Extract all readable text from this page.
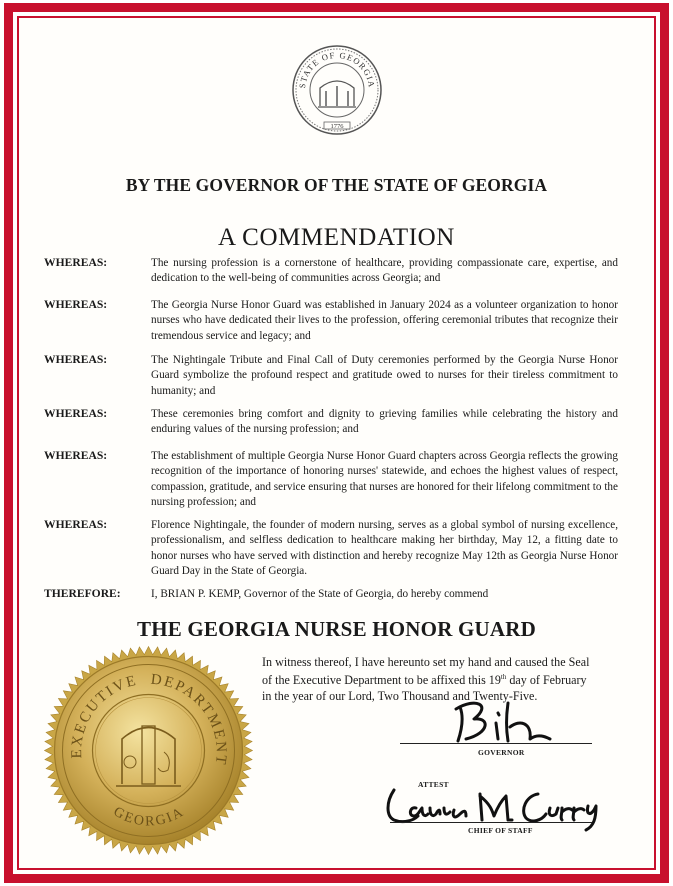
STATE OF GEORGIA
1776
BY THE GOVERNOR OF THE STATE OF GEORGIA
A COMMENDATION
WHEREAS:	The nursing profession is a cornerstone of healthcare, providing compassionate care, expertise, and dedication to the well-being of communities across Georgia; and
WHEREAS:	The Georgia Nurse Honor Guard was established in January 2024 as a volunteer organization to honor nurses who have dedicated their lives to the profession, offering ceremonial tributes that recognize their tremendous service and legacy; and
WHEREAS:	The Nightingale Tribute and Final Call of Duty ceremonies performed by the Georgia Nurse Honor Guard symbolize the profound respect and gratitude owed to nurses for their tireless commitment to humanity; and
WHEREAS:	These ceremonies bring comfort and dignity to grieving families while celebrating the history and enduring values of the nursing profession; and
WHEREAS:	The establishment of multiple Georgia Nurse Honor Guard chapters across Georgia reflects the growing recognition of the importance of honoring nurses' statewide, and echoes the highest values of respect, compassion, gratitude, and service ensuring that nurses are honored for their lifelong commitment to the nursing profession; and
WHEREAS:	Florence Nightingale, the founder of modern nursing, serves as a global symbol of nursing excellence, professionalism, and selfless dedication to healthcare making her birthday, May 12, a fitting date to honor nurses who have served with distinction and hereby recognize May 12th as Georgia Nurse Honor Guard Day in the State of Georgia.
THEREFORE:	I, BRIAN P. KEMP, Governor of the State of Georgia, do hereby commend
THE GEORGIA NURSE HONOR GUARD
In witness thereof, I have hereunto set my hand and caused the Seal
of the Executive Department to be affixed this 19th day of February
in the year of our Lord, Two Thousand and Twenty-Five.
EXECUTIVE DEPARTMENT
GEORGIA
GOVERNOR
ATTEST
CHIEF OF STAFF
